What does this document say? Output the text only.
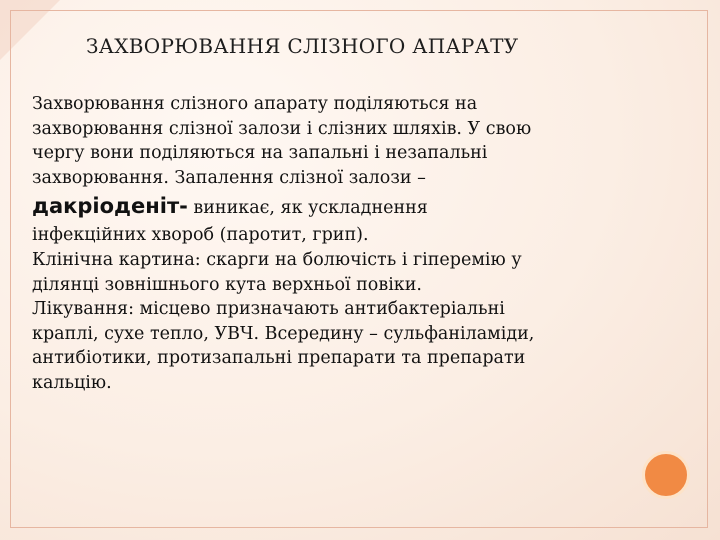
ЗАХВОРЮВАННЯ СЛІЗНОГО АПАРАТУ
Захворювання слізного апарату поділяються на
захворювання слізної залози і слізних шляхів. У свою
чергу вони поділяються на запальні і незапальні
захворювання. Запалення слізної залози –
дакріоденіт- виникає, як ускладнення
інфекційних хвороб (паротит, грип).
Клінічна картина: скарги на болючість і гіперемію у
ділянці зовнішнього кута верхньої повіки.
Лікування: місцево призначають антибактеріальні
краплі, сухе тепло, УВЧ. Всередину – сульфаніламіди,
антибіотики, протизапальні препарати та препарати
кальцію.
